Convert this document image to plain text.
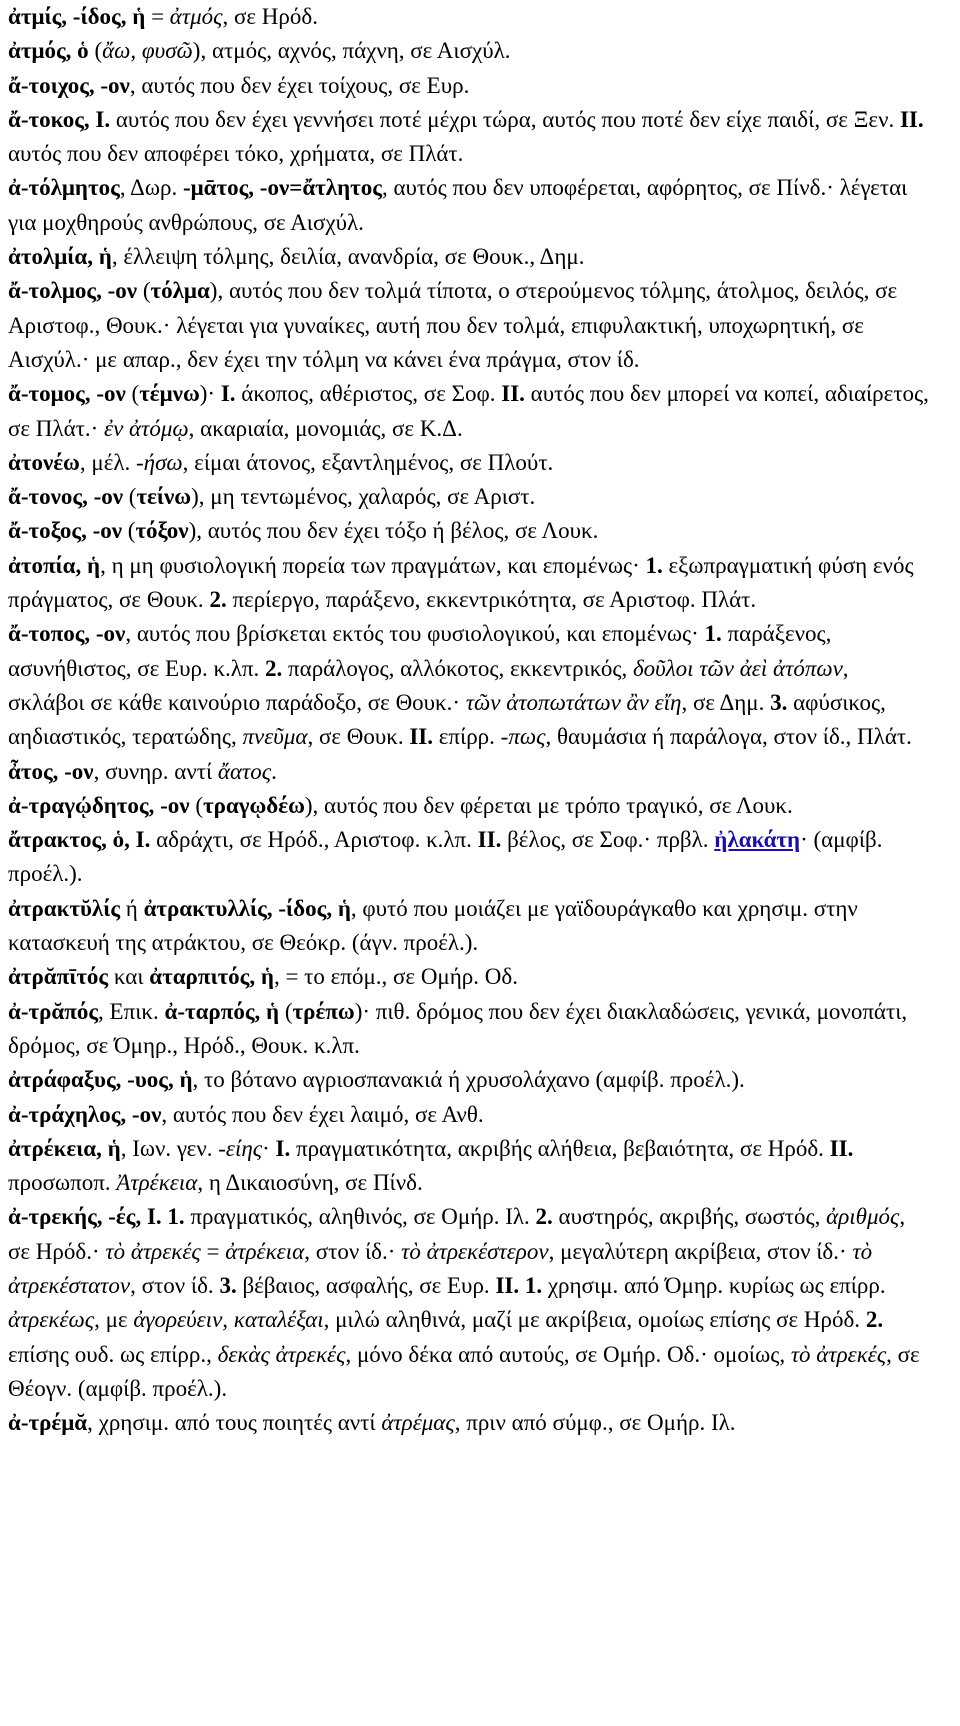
ἀτμίς, -ίδος, ἡ = ἀτμός, σε Ηρόδ.

ἀτμός, ὁ (ἄω, φυσῶ), ατμός, αχνός, πάχνη, σε Αισχύλ.

ἄ-τοιχος, -ον, αυτός που δεν έχει τοίχους, σε Ευρ.

ἄ-τοκος, I. αυτός που δεν έχει γεννήσει ποτέ μέχρι τώρα, αυτός που ποτέ δεν είχε παιδί, σε Ξεν. II. αυτός που δεν αποφέρει τόκο, χρήματα, σε Πλάτ.

ἀ-τόλμητος, Δωρ. -μᾱτος, -ον=ἄτλητος, αυτός που δεν υποφέρεται, αφόρητος, σε Πίνδ.· λέγεται για μοχθηρούς ανθρώπους, σε Αισχύλ.

ἀτολμία, ἡ, έλλειψη τόλμης, δειλία, ανανδρία, σε Θουκ., Δημ.

ἄ-τολμος, -ον (τόλμα), αυτός που δεν τολμά τίποτα, ο στερούμενος τόλμης, άτολμος, δειλός, σε Αριστοφ., Θουκ.· λέγεται για γυναίκες, αυτή που δεν τολμά, επιφυλακτική, υποχωρητική, σε Αισχύλ.· με απαρ., δεν έχει την τόλμη να κάνει ένα πράγμα, στον ίδ.

ἄ-τομος, -ον (τέμνω)· I. άκοπος, αθέριστος, σε Σοφ. II. αυτός που δεν μπορεί να κοπεί, αδιαίρετος, σε Πλάτ.· ἐν ἀτόμῳ, ακαριαία, μονομιάς, σε Κ.Δ.

ἀτονέω, μέλ. -ήσω, είμαι άτονος, εξαντλημένος, σε Πλούτ.

ἄ-τονος, -ον (τείνω), μη τεντωμένος, χαλαρός, σε Αριστ.

ἄ-τοξος, -ον (τόξον), αυτός που δεν έχει τόξο ή βέλος, σε Λουκ.

ἀτοπία, ἡ, η μη φυσιολογική πορεία των πραγμάτων, και επομένως· 1. εξωπραγματική φύση ενός πράγματος, σε Θουκ. 2. περίεργο, παράξενο, εκκεντρικότητα, σε Αριστοφ. Πλάτ.

ἄ-τοπος, -ον, αυτός που βρίσκεται εκτός του φυσιολογικού, και επομένως· 1. παράξενος, ασυνήθιστος, σε Ευρ. κ.λπ. 2. παράλογος, αλλόκοτος, εκκεντρικός, δοῦλοι τῶν ἀεὶ ἀτόπων, σκλάβοι σε κάθε καινούριο παράδοξο, σε Θουκ.· τῶν ἀτοπωτάτων ἂν εἴη, σε Δημ. 3. αφύσικος, αηδιαστικός, τερατώδης, πνεῦμα, σε Θουκ. II. επίρρ. -πως, θαυμάσια ή παράλογα, στον ίδ., Πλάτ.

ἆτος, -ον, συνηρ. αντί ἄατος.

ἀ-τραγῴδητος, -ον (τραγῳδέω), αυτός που δεν φέρεται με τρόπο τραγικό, σε Λουκ.

ἄτρακτος, ὁ, I. αδράχτι, σε Ηρόδ., Αριστοφ. κ.λπ. II. βέλος, σε Σοφ.· πρβλ. ἠλακάτη· (αμφίβ. προέλ.).

ἀτρακτῠλίς ή ἀτρακτυλλίς, -ίδος, ἡ, φυτό που μοιάζει με γαϊδουράγκαθο και χρησιμ. στην κατασκευή της ατράκτου, σε Θεόκρ. (άγν. προέλ.).

ἀτρᾰπῑτός και ἀταρπιτός, ἡ, = το επόμ., σε Ομήρ. Οδ.

ἀ-τρᾰπός, Επικ. ἀ-ταρπός, ἡ (τρέπω)· πιθ. δρόμος που δεν έχει διακλαδώσεις, γενικά, μονοπάτι, δρόμος, σε Όμηρ., Ηρόδ., Θουκ. κ.λπ.

ἀτράφαξυς, -υος, ἡ, το βότανο αγριοσπανακιά ή χρυσολάχανο (αμφίβ. προέλ.).

ἀ-τράχηλος, -ον, αυτός που δεν έχει λαιμό, σε Ανθ.

ἀτρέκεια, ἡ, Ιων. γεν. -είης· I. πραγματικότητα, ακριβής αλήθεια, βεβαιότητα, σε Ηρόδ. II. προσωποπ. Ἀτρέκεια, η Δικαιοσύνη, σε Πίνδ.

ἀ-τρεκής, -ές, I. 1. πραγματικός, αληθινός, σε Ομήρ. Ιλ. 2. αυστηρός, ακριβής, σωστός, ἀριθμός, σε Ηρόδ.· τὸ ἀτρεκές = ἀτρέκεια, στον ίδ.· τὸ ἀτρεκέστερον, μεγαλύτερη ακρίβεια, στον ίδ.· τὸ ἀτρεκέστατον, στον ίδ. 3. βέβαιος, ασφαλής, σε Ευρ. II. 1. χρησιμ. από Όμηρ. κυρίως ως επίρρ. ἀτρεκέως, με ἀγορεύειν, καταλέξαι, μιλώ αληθινά, μαζί με ακρίβεια, ομοίως επίσης σε Ηρόδ. 2. επίσης ουδ. ως επίρρ., δεκὰς ἀτρεκές, μόνο δέκα από αυτούς, σε Ομήρ. Οδ.· ομοίως, τὸ ἀτρεκές, σε Θέογν. (αμφίβ. προέλ.).

ἀ-τρέμᾰ, χρησιμ. από τους ποιητές αντί ἀτρέμας, πριν από σύμφ., σε Ομήρ. Ιλ.
